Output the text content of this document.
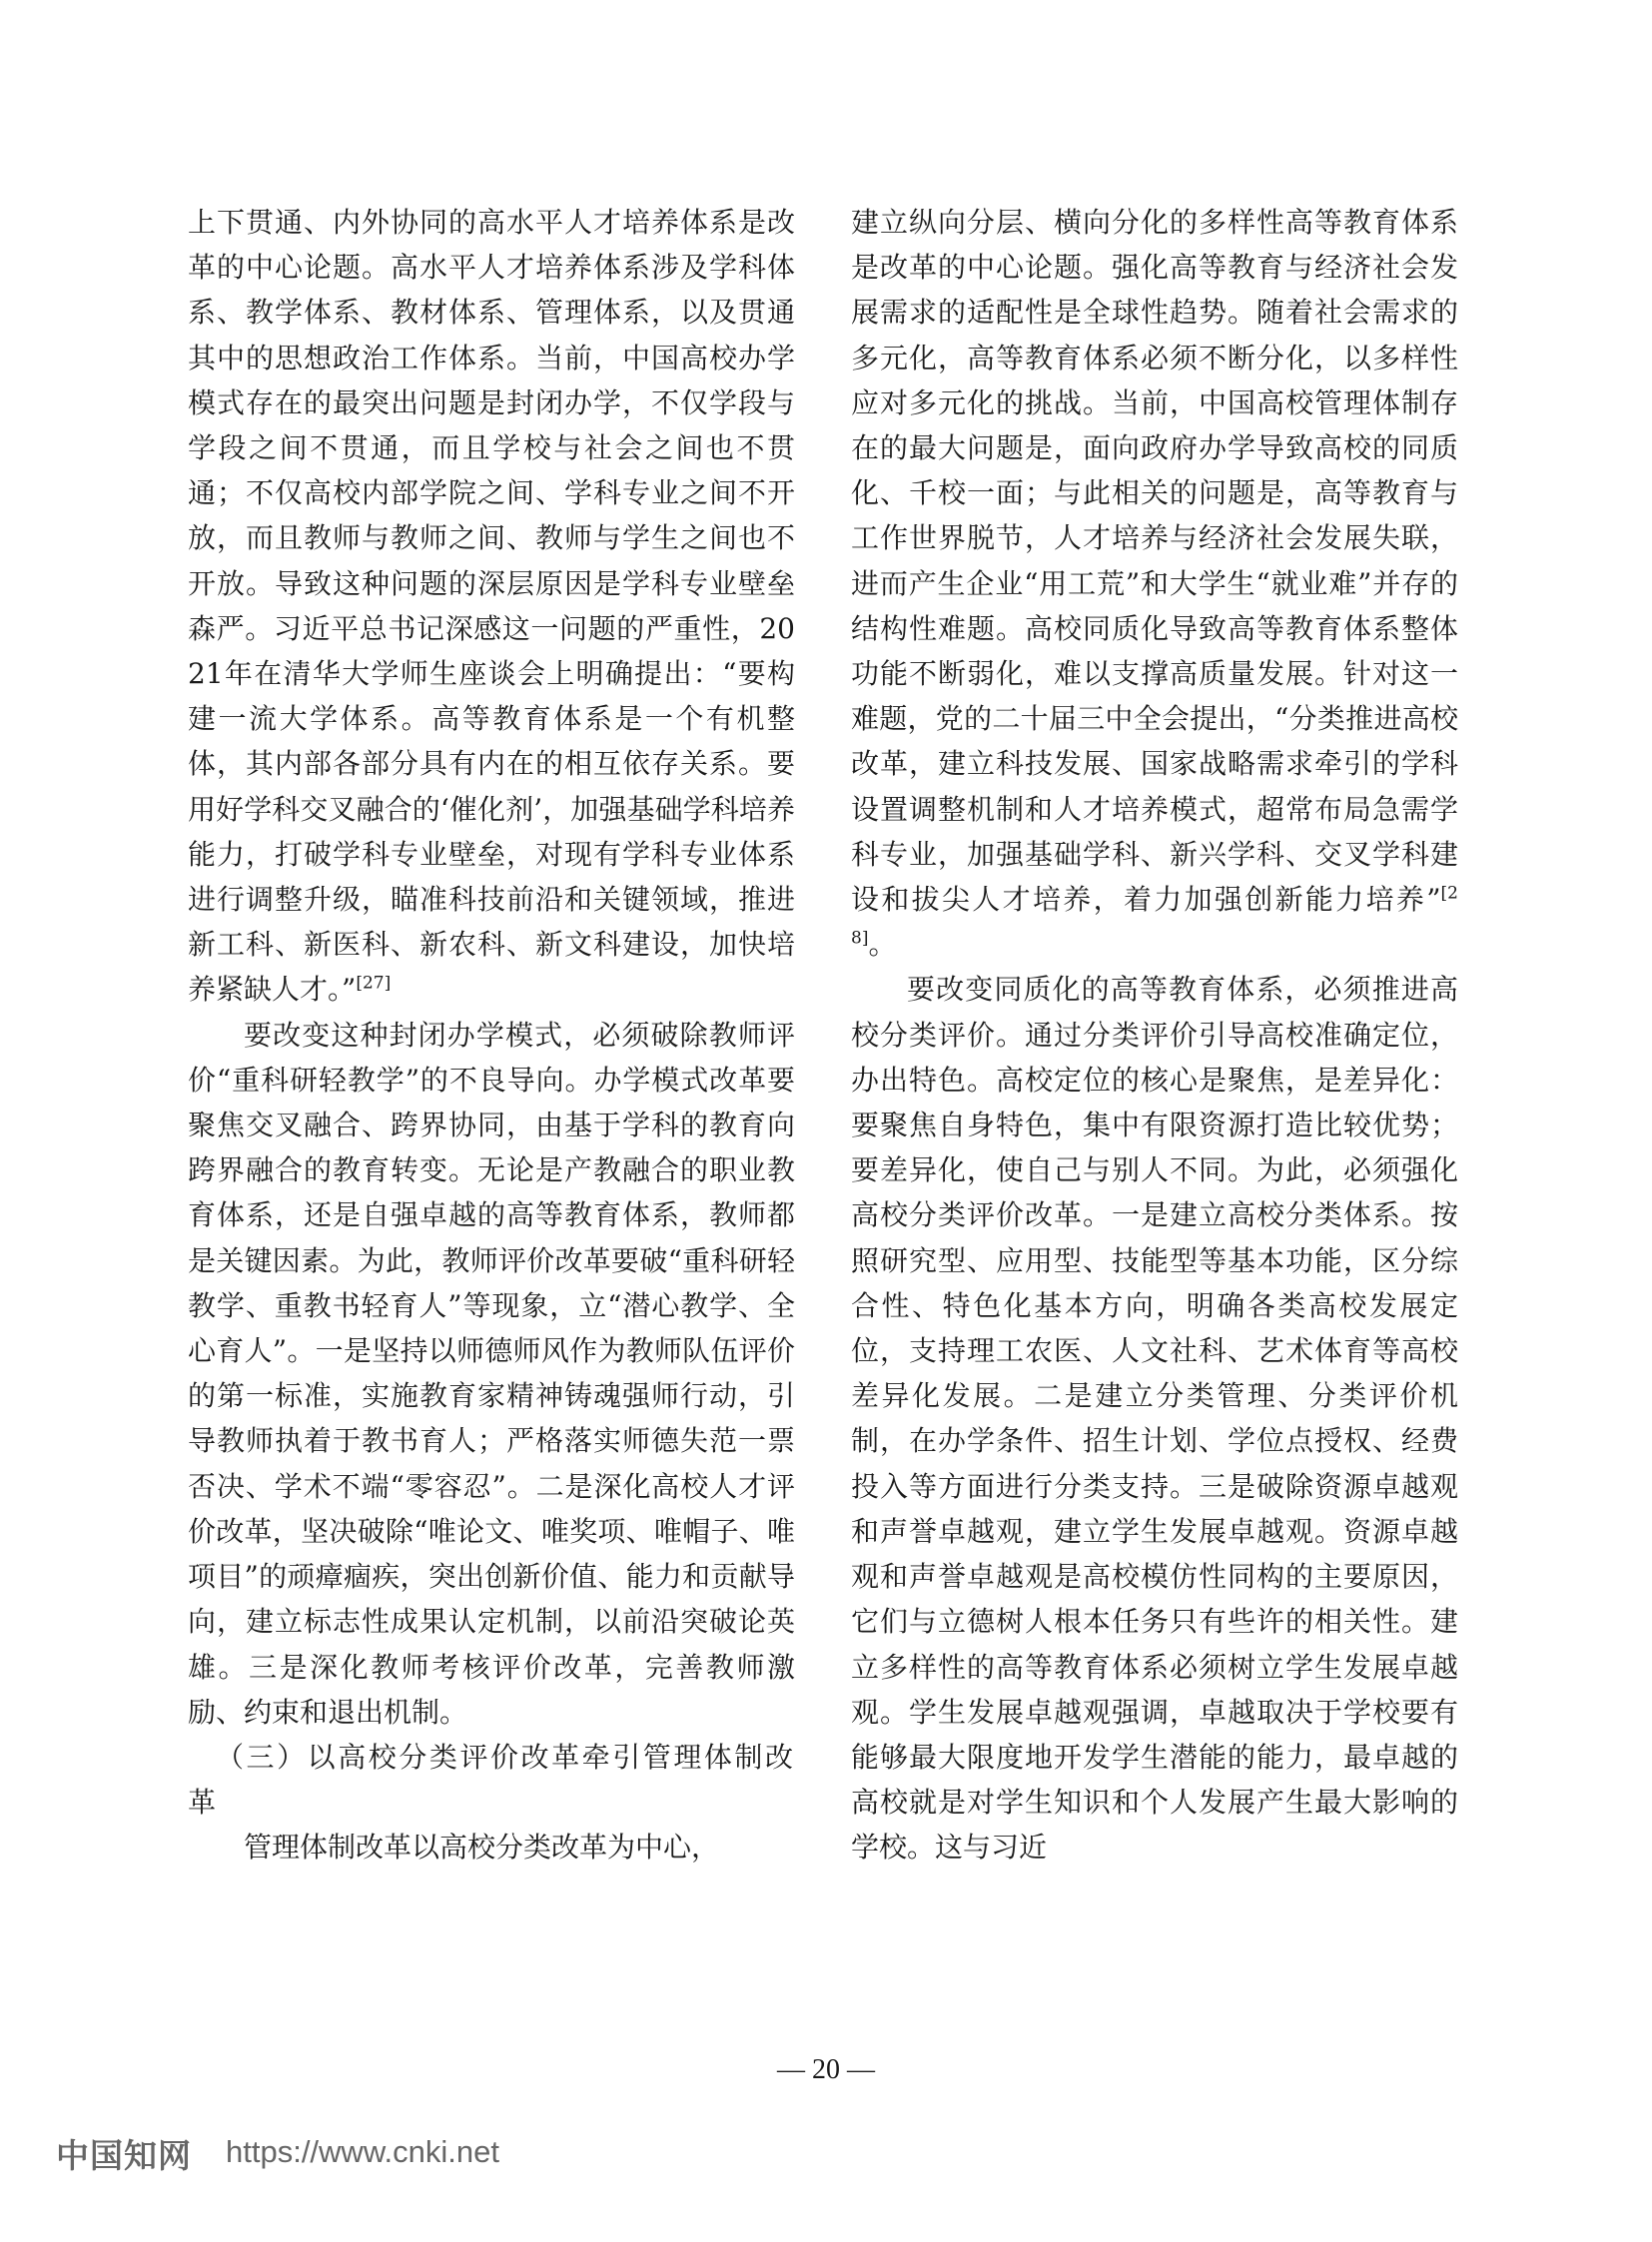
上下贯通、内外协同的高水平人才培养体系是改革的中心论题。高水平人才培养体系涉及学科体系、教学体系、教材体系、管理体系，以及贯通其中的思想政治工作体系。当前，中国高校办学模式存在的最突出问题是封闭办学，不仅学段与学段之间不贯通，而且学校与社会之间也不贯通；不仅高校内部学院之间、学科专业之间不开放，而且教师与教师之间、教师与学生之间也不开放。导致这种问题的深层原因是学科专业壁垒森严。习近平总书记深感这一问题的严重性，2021年在清华大学师生座谈会上明确提出：“要构建一流大学体系。高等教育体系是一个有机整体，其内部各部分具有内在的相互依存关系。要用好学科交叉融合的‘催化剂’，加强基础学科培养能力，打破学科专业壁垒，对现有学科专业体系进行调整升级，瞄准科技前沿和关键领域，推进新工科、新医科、新农科、新文科建设，加快培养紧缺人才。”[27]

要改变这种封闭办学模式，必须破除教师评价“重科研轻教学”的不良导向。办学模式改革要聚焦交叉融合、跨界协同，由基于学科的教育向跨界融合的教育转变。无论是产教融合的职业教育体系，还是自强卓越的高等教育体系，教师都是关键因素。为此，教师评价改革要破“重科研轻教学、重教书轻育人”等现象，立“潜心教学、全心育人”。一是坚持以师德师风作为教师队伍评价的第一标准，实施教育家精神铸魂强师行动，引导教师执着于教书育人；严格落实师德失范一票否决、学术不端“零容忍”。二是深化高校人才评价改革，坚决破除“唯论文、唯奖项、唯帽子、唯项目”的顽瘴痼疾，突出创新价值、能力和贡献导向，建立标志性成果认定机制，以前沿突破论英雄。三是深化教师考核评价改革，完善教师激励、约束和退出机制。

（三）以高校分类评价改革牵引管理体制改革

管理体制改革以高校分类改革为中心，

建立纵向分层、横向分化的多样性高等教育体系是改革的中心论题。强化高等教育与经济社会发展需求的适配性是全球性趋势。随着社会需求的多元化，高等教育体系必须不断分化，以多样性应对多元化的挑战。当前，中国高校管理体制存在的最大问题是，面向政府办学导致高校的同质化、千校一面；与此相关的问题是，高等教育与工作世界脱节，人才培养与经济社会发展失联，进而产生企业“用工荒”和大学生“就业难”并存的结构性难题。高校同质化导致高等教育体系整体功能不断弱化，难以支撑高质量发展。针对这一难题，党的二十届三中全会提出，“分类推进高校改革，建立科技发展、国家战略需求牵引的学科设置调整机制和人才培养模式，超常布局急需学科专业，加强基础学科、新兴学科、交叉学科建设和拔尖人才培养，着力加强创新能力培养”[28]。

要改变同质化的高等教育体系，必须推进高校分类评价。通过分类评价引导高校准确定位，办出特色。高校定位的核心是聚焦，是差异化：要聚焦自身特色，集中有限资源打造比较优势；要差异化，使自己与别人不同。为此，必须强化高校分类评价改革。一是建立高校分类体系。按照研究型、应用型、技能型等基本功能，区分综合性、特色化基本方向，明确各类高校发展定位，支持理工农医、人文社科、艺术体育等高校差异化发展。二是建立分类管理、分类评价机制，在办学条件、招生计划、学位点授权、经费投入等方面进行分类支持。三是破除资源卓越观和声誉卓越观，建立学生发展卓越观。资源卓越观和声誉卓越观是高校模仿性同构的主要原因，它们与立德树人根本任务只有些许的相关性。建立多样性的高等教育体系必须树立学生发展卓越观。学生发展卓越观强调，卓越取决于学校要有能够最大限度地开发学生潜能的能力，最卓越的高校就是对学生知识和个人发展产生最大影响的学校。这与习近

— 20 —
中国知网 https://www.cnki.net
